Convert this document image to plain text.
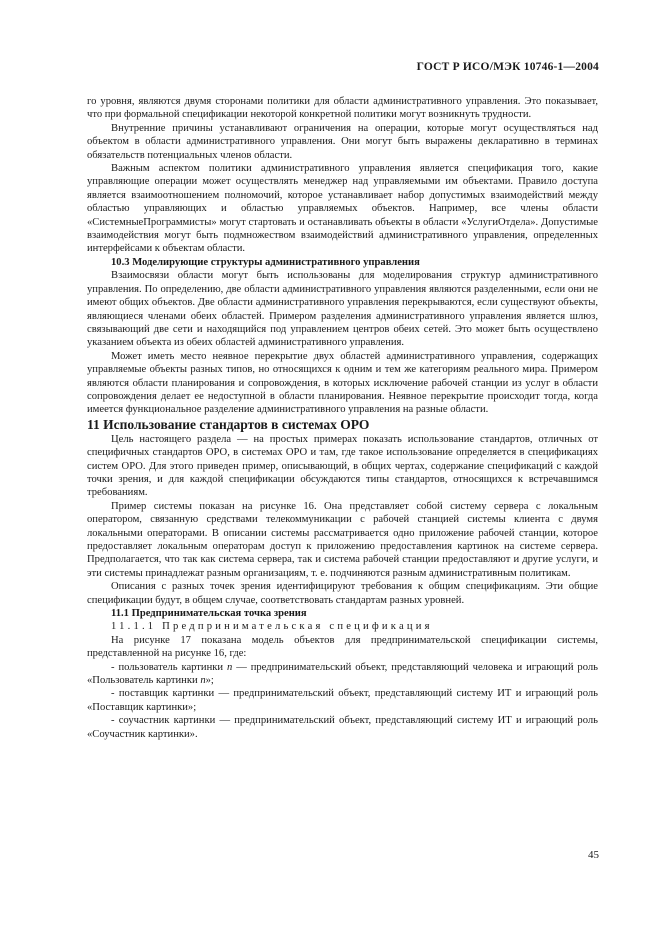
ГОСТ Р ИСО/МЭК 10746-1—2004

го уровня, являются двумя сторонами политики для области административного управления. Это показывает, что при формальной спецификации некоторой конкретной политики могут возникнуть трудности.

Внутренние причины устанавливают ограничения на операции, которые могут осуществляться над объектом в области административного управления. Они могут быть выражены декларативно в терминах обязательств потенциальных членов области.

Важным аспектом политики административного управления является спецификация того, какие управляющие операции может осуществлять менеджер над управляемыми им объектами. Правило доступа является взаимоотношением полномочий, которое устанавливает набор допустимых взаимодействий между областью управляющих и областью управляемых объектов. Например, все члены области «СистемныеПрограммисты» могут стартовать и останавливать объекты в области «УслугиОтдела». Допустимые взаимодействия могут быть подмножеством взаимодействий административного управления, определенных интерфейсами к объектам области.

10.3 Моделирующие структуры административного управления

Взаимосвязи области могут быть использованы для моделирования структур административного управления. По определению, две области административного управления являются разделенными, если они не имеют общих объектов. Две области административного управления перекрываются, если существуют объекты, являющиеся членами обеих областей. Примером разделения административного управления является шлюз, связывающий две сети и находящийся под управлением центров обеих сетей. Это может быть осуществлено указанием объекта из обеих областей административного управления.

Может иметь место неявное перекрытие двух областей административного управления, содержащих управляемые объекты разных типов, но относящихся к одним и тем же категориям реального мира. Примером являются области планирования и сопровождения, в которых исключение рабочей станции из услуг в области сопровождения делает ее недоступной в области планирования. Неявное перекрытие происходит тогда, когда имеется функциональное разделение административного управления на разные области.

11 Использование стандартов в системах ОРО

Цель настоящего раздела — на простых примерах показать использование стандартов, отличных от специфичных стандартов ОРО, в системах ОРО и там, где такое использование определяется в спецификациях систем ОРО. Для этого приведен пример, описывающий, в общих чертах, содержание спецификаций с каждой точки зрения, и для каждой спецификации обсуждаются типы стандартов, относящихся к встречавшимся требованиям.

Пример системы показан на рисунке 16. Она представляет собой систему сервера с локальным оператором, связанную средствами телекоммуникации с рабочей станцией системы клиента с двумя локальными операторами. В описании системы рассматривается одно приложение рабочей станции, которое предоставляет локальным операторам доступ к приложению предоставления картинок на системе сервера. Предполагается, что так как система сервера, так и система рабочей станции предоставляют и другие услуги, и эти системы принадлежат разным организациям, т. е. подчиняются разным административным политикам.

Описания с разных точек зрения идентифицируют требования к общим спецификациям. Эти общие спецификации будут, в общем случае, соответствовать стандартам разных уровней.

11.1 Предпринимательская точка зрения

11.1.1 Предпринимательская спецификация

На рисунке 17 показана модель объектов для предпринимательской спецификации системы, представленной на рисунке 16, где:

- пользователь картинки n — предпринимательский объект, представляющий человека и играющий роль «Пользователь картинки n»;

- поставщик картинки — предпринимательский объект, представляющий систему ИТ и играющий роль «Поставщик картинки»;

- соучастник картинки — предпринимательский объект, представляющий систему ИТ и играющий роль «Соучастник картинки».

45
